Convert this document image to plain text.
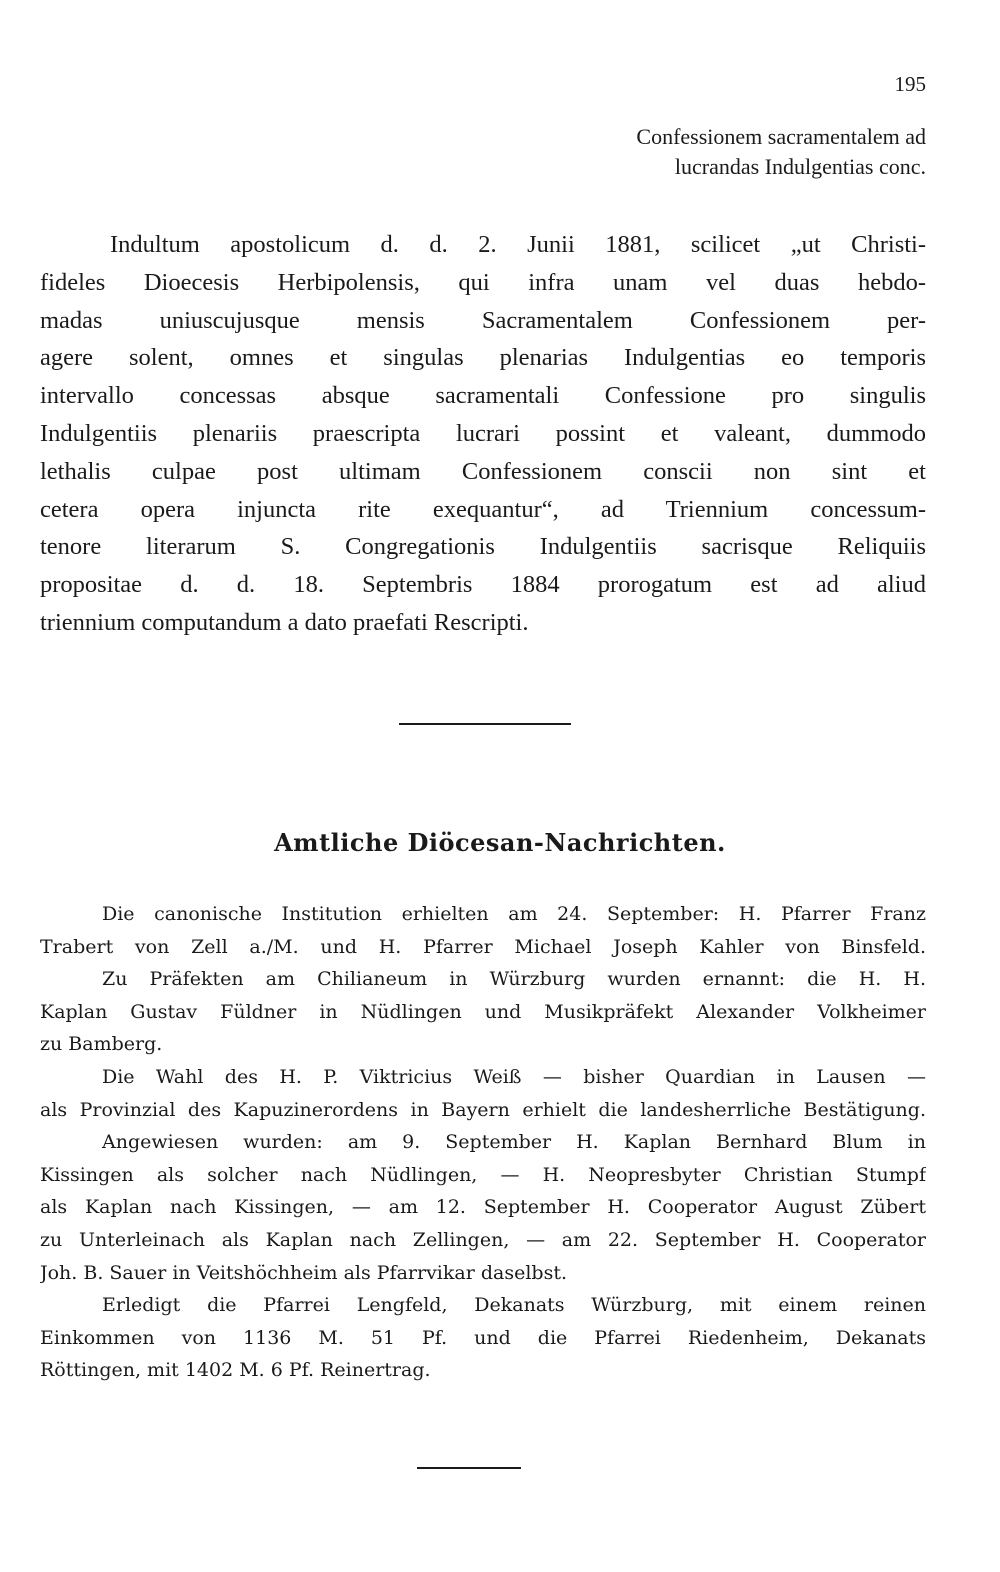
195
Confessionem sacramentalem ad
lucrandas Indulgentias conc.
Indultum apostolicum d. d. 2. Junii 1881, scilicet „ut Christi-
fideles Dioecesis Herbipolensis, qui infra unam vel duas hebdo-
madas uniuscujusque mensis Sacramentalem Confessionem per-
agere solent, omnes et singulas plenarias Indulgentias eo temporis
intervallo concessas absque sacramentali Confessione pro singulis
Indulgentiis plenariis praescripta lucrari possint et valeant, dummodo
lethalis culpae post ultimam Confessionem conscii non sint et
cetera opera injuncta rite exequantur“, ad Triennium concessum-
tenore literarum S. Congregationis Indulgentiis sacrisque Reliquiis
propositae d. d. 18. Septembris 1884 prorogatum est ad aliud
triennium computandum a dato praefati Rescripti.
Amtliche Diöcesan-Nachrichten.
Die canonische Institution erhielten am 24. September: H. Pfarrer Franz
Trabert von Zell a./M. und H. Pfarrer Michael Joseph Kahler von Binsfeld.
Zu Präfekten am Chilianeum in Würzburg wurden ernannt: die H. H.
Kaplan Gustav Füldner in Nüdlingen und Musikpräfekt Alexander Volkheimer
zu Bamberg.
Die Wahl des H. P. Viktricius Weiß — bisher Quardian in Lausen —
als Provinzial des Kapuzinerordens in Bayern erhielt die landesherrliche Bestätigung.
Angewiesen wurden: am 9. September H. Kaplan Bernhard Blum in
Kissingen als solcher nach Nüdlingen, — H. Neopresbyter Christian Stumpf
als Kaplan nach Kissingen, — am 12. September H. Cooperator August Zübert
zu Unterleinach als Kaplan nach Zellingen, — am 22. September H. Cooperator
Joh. B. Sauer in Veitshöchheim als Pfarrvikar daselbst.
Erledigt die Pfarrei Lengfeld, Dekanats Würzburg, mit einem reinen
Einkommen von 1136 M. 51 Pf. und die Pfarrei Riedenheim, Dekanats
Röttingen, mit 1402 M. 6 Pf. Reinertrag.
